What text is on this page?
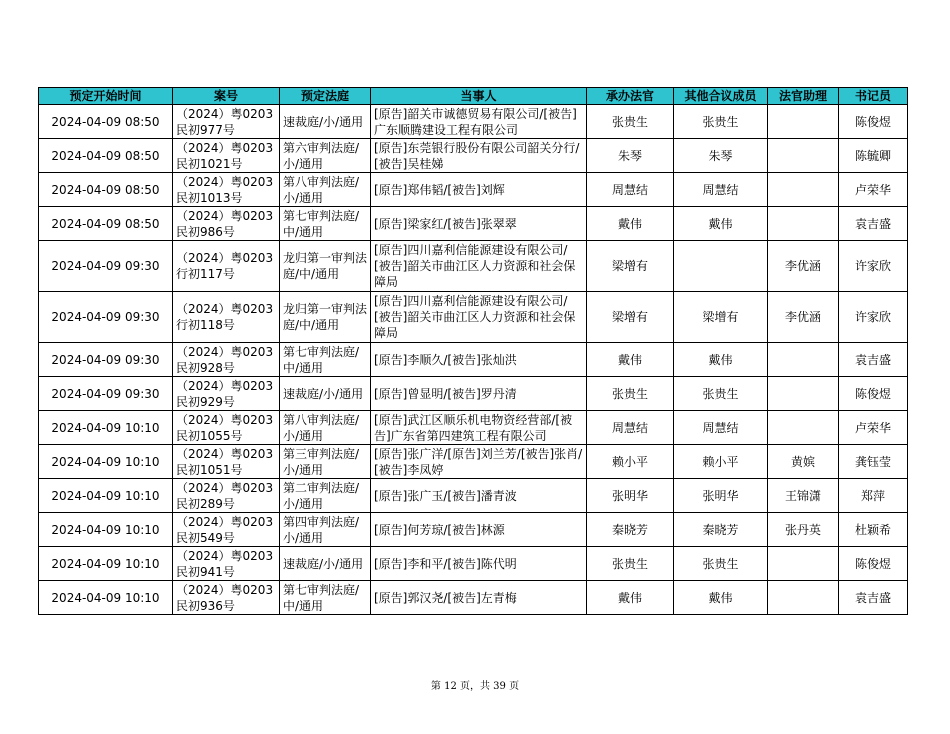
预定开始时间	案号	预定法庭	当事人	承办法官	其他合议成员	法官助理	书记员
2024-04-09 08:50	（2024）粤0203民初977号	速裁庭/小/通用	[原告]韶关市诚德贸易有限公司/[被告]广东顺腾建设工程有限公司	张贵生	张贵生		陈俊煜
2024-04-09 08:50	（2024）粤0203民初1021号	第六审判法庭/小/通用	[原告]东莞银行股份有限公司韶关分行/[被告]吴桂娣	朱琴	朱琴		陈毓卿
2024-04-09 08:50	（2024）粤0203民初1013号	第八审判法庭/小/通用	[原告]郑伟韬/[被告]刘辉	周慧结	周慧结		卢荣华
2024-04-09 08:50	（2024）粤0203民初986号	第七审判法庭/中/通用	[原告]梁家红/[被告]张翠翠	戴伟	戴伟		袁吉盛
2024-04-09 09:30	（2024）粤0203行初117号	龙归第一审判法庭/中/通用	[原告]四川嘉利信能源建设有限公司/[被告]韶关市曲江区人力资源和社会保障局	梁增有		李优涵	许家欣
2024-04-09 09:30	（2024）粤0203行初118号	龙归第一审判法庭/中/通用	[原告]四川嘉利信能源建设有限公司/[被告]韶关市曲江区人力资源和社会保障局	梁增有	梁增有	李优涵	许家欣
2024-04-09 09:30	（2024）粤0203民初928号	第七审判法庭/中/通用	[原告]李顺久/[被告]张灿洪	戴伟	戴伟		袁吉盛
2024-04-09 09:30	（2024）粤0203民初929号	速裁庭/小/通用	[原告]曾显明/[被告]罗丹清	张贵生	张贵生		陈俊煜
2024-04-09 10:10	（2024）粤0203民初1055号	第八审判法庭/小/通用	[原告]武江区顺乐机电物资经营部/[被告]广东省第四建筑工程有限公司	周慧结	周慧结		卢荣华
2024-04-09 10:10	（2024）粤0203民初1051号	第三审判法庭/小/通用	[原告]张广洋/[原告]刘兰芳/[被告]张肖/[被告]李凤婷	赖小平	赖小平	黄嫔	龚钰莹
2024-04-09 10:10	（2024）粤0203民初289号	第二审判法庭/小/通用	[原告]张广玉/[被告]潘青波	张明华	张明华	王锦潇	郑萍
2024-04-09 10:10	（2024）粤0203民初549号	第四审判法庭/小/通用	[原告]何芳琼/[被告]林源	秦晓芳	秦晓芳	张丹英	杜颖希
2024-04-09 10:10	（2024）粤0203民初941号	速裁庭/小/通用	[原告]李和平/[被告]陈代明	张贵生	张贵生		陈俊煜
2024-04-09 10:10	（2024）粤0203民初936号	第七审判法庭/中/通用	[原告]郭汉尧/[被告]左青梅	戴伟	戴伟		袁吉盛
第 12 页，共 39 页
